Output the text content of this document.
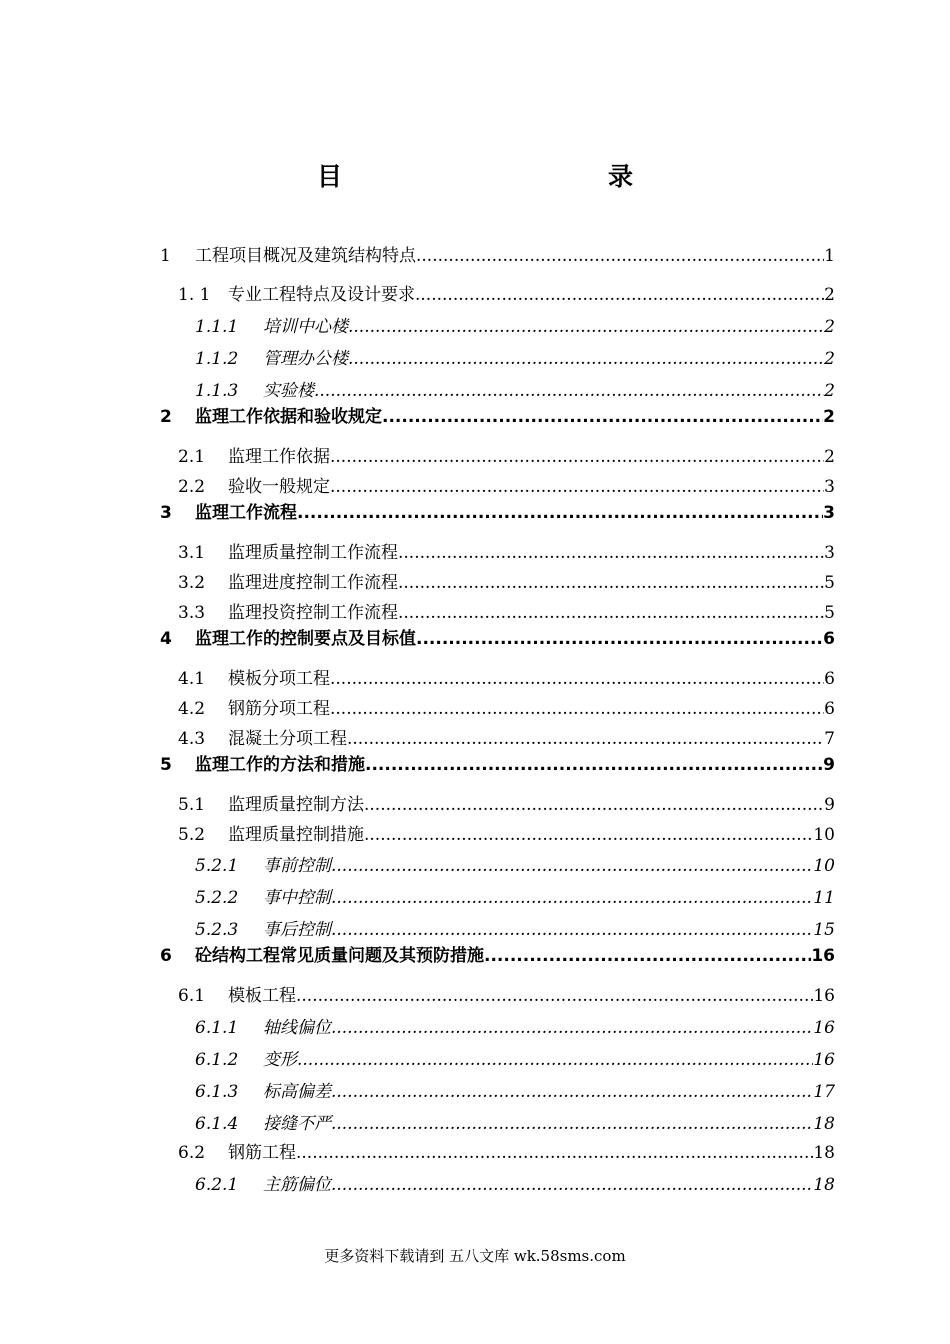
目　　录
1 工程项目概况及建筑结构特点 .....	1
1. 1 专业工程特点及设计要求 .....	2
1.1.1 培训中心楼 .....	2
1.1.2 管理办公楼 .....	2
1.1.3 实验楼 .....	2
2 监理工作依据和验收规定 .....	2
2.1 监理工作依据 .....	2
2.2 验收一般规定 .....	3
3 监理工作流程 .....	3
3.1 监理质量控制工作流程 .....	3
3.2 监理进度控制工作流程 .....	5
3.3 监理投资控制工作流程 .....	5
4 监理工作的控制要点及目标值 .....	6
4.1 模板分项工程 .....	6
4.2 钢筋分项工程 .....	6
4.3 混凝土分项工程 .....	7
5 监理工作的方法和措施 .....	9
5.1 监理质量控制方法 .....	9
5.2 监理质量控制措施 .....	10
5.2.1 事前控制 .....	10
5.2.2 事中控制 .....	11
5.2.3 事后控制 .....	15
6 砼结构工程常见质量问题及其预防措施 .....	16
6.1 模板工程 .....	16
6.1.1 轴线偏位 .....	16
6.1.2 变形 .....	16
6.1.3 标高偏差 .....	17
6.1.4 接缝不严 .....	18
6.2 钢筋工程 .....	18
6.2.1 主筋偏位 .....	18
更多资料下载请到 五八文库 wk.58sms.com
